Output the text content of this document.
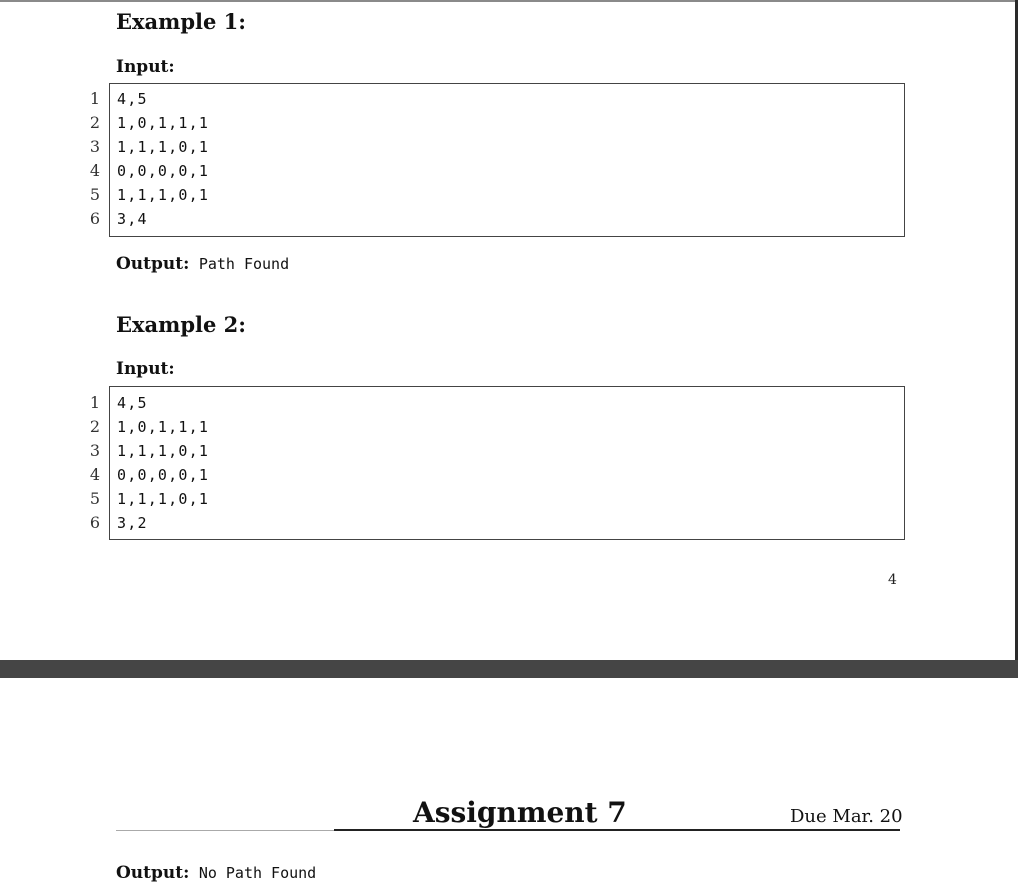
Example 1:
Input:
1 4,5
2 1,0,1,1,1
3 1,1,1,0,1
4 0,0,0,0,1
5 1,1,1,0,1
6 3,4
Output: Path Found
Example 2:
Input:
1 4,5
2 1,0,1,1,1
3 1,1,1,0,1
4 0,0,0,0,1
5 1,1,1,0,1
6 3,2
4
Assignment 7	Due Mar. 20
Output: No Path Found
